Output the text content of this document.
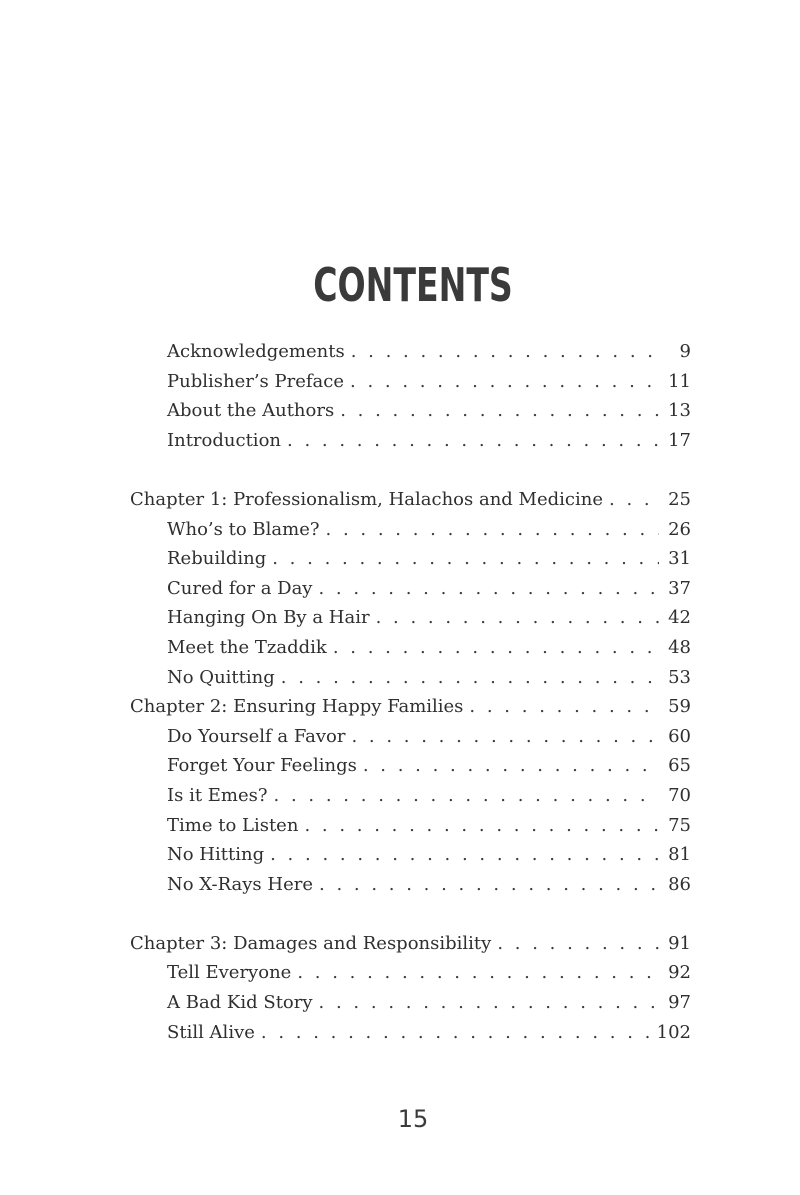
CONTENTS
Acknowledgements . . .	9
Publisher’s Preface . . .	11
About the Authors . . .	13
Introduction . . .	17
Chapter 1: Professionalism, Halachos and Medicine . . .	25
Who’s to Blame? . . .	26
Rebuilding . . .	31
Cured for a Day . . .	37
Hanging On By a Hair . . .	42
Meet the Tzaddik . . .	48
No Quitting . . .	53
Chapter 2: Ensuring Happy Families . . .	59
Do Yourself a Favor . . .	60
Forget Your Feelings . . .	65
Is it Emes? . . .	70
Time to Listen . . .	75
No Hitting . . .	81
No X-Rays Here . . .	86
Chapter 3: Damages and Responsibility . . .	91
Tell Everyone . . .	92
A Bad Kid Story . . .	97
Still Alive . . .	102
15
